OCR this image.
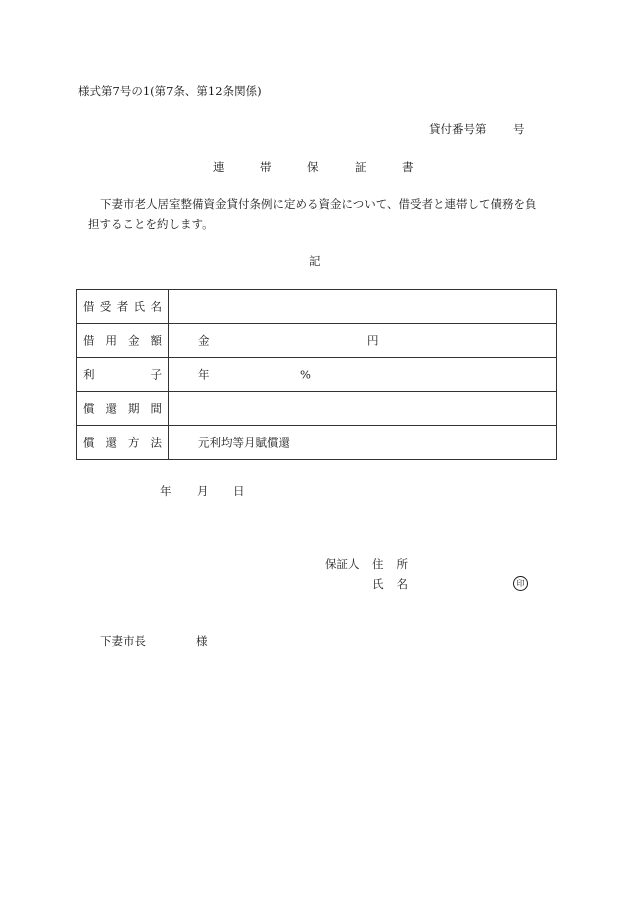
様式第7号の1(第7条、第12条関係)
貸付番号第 号
連	帯	保	証	書
下妻市老人居室整備資金貸付条例に定める資金について、借受者と連帯して債務を負
担することを約します。
記
借 受 者 氏 名	

借 用 金 額	金 円

利 子	年 %

償 還 期 間	

償 還 方 法	元利均等月賦償還
年 月 日
保証人 住 所
氏 名	印
下妻市長	様
